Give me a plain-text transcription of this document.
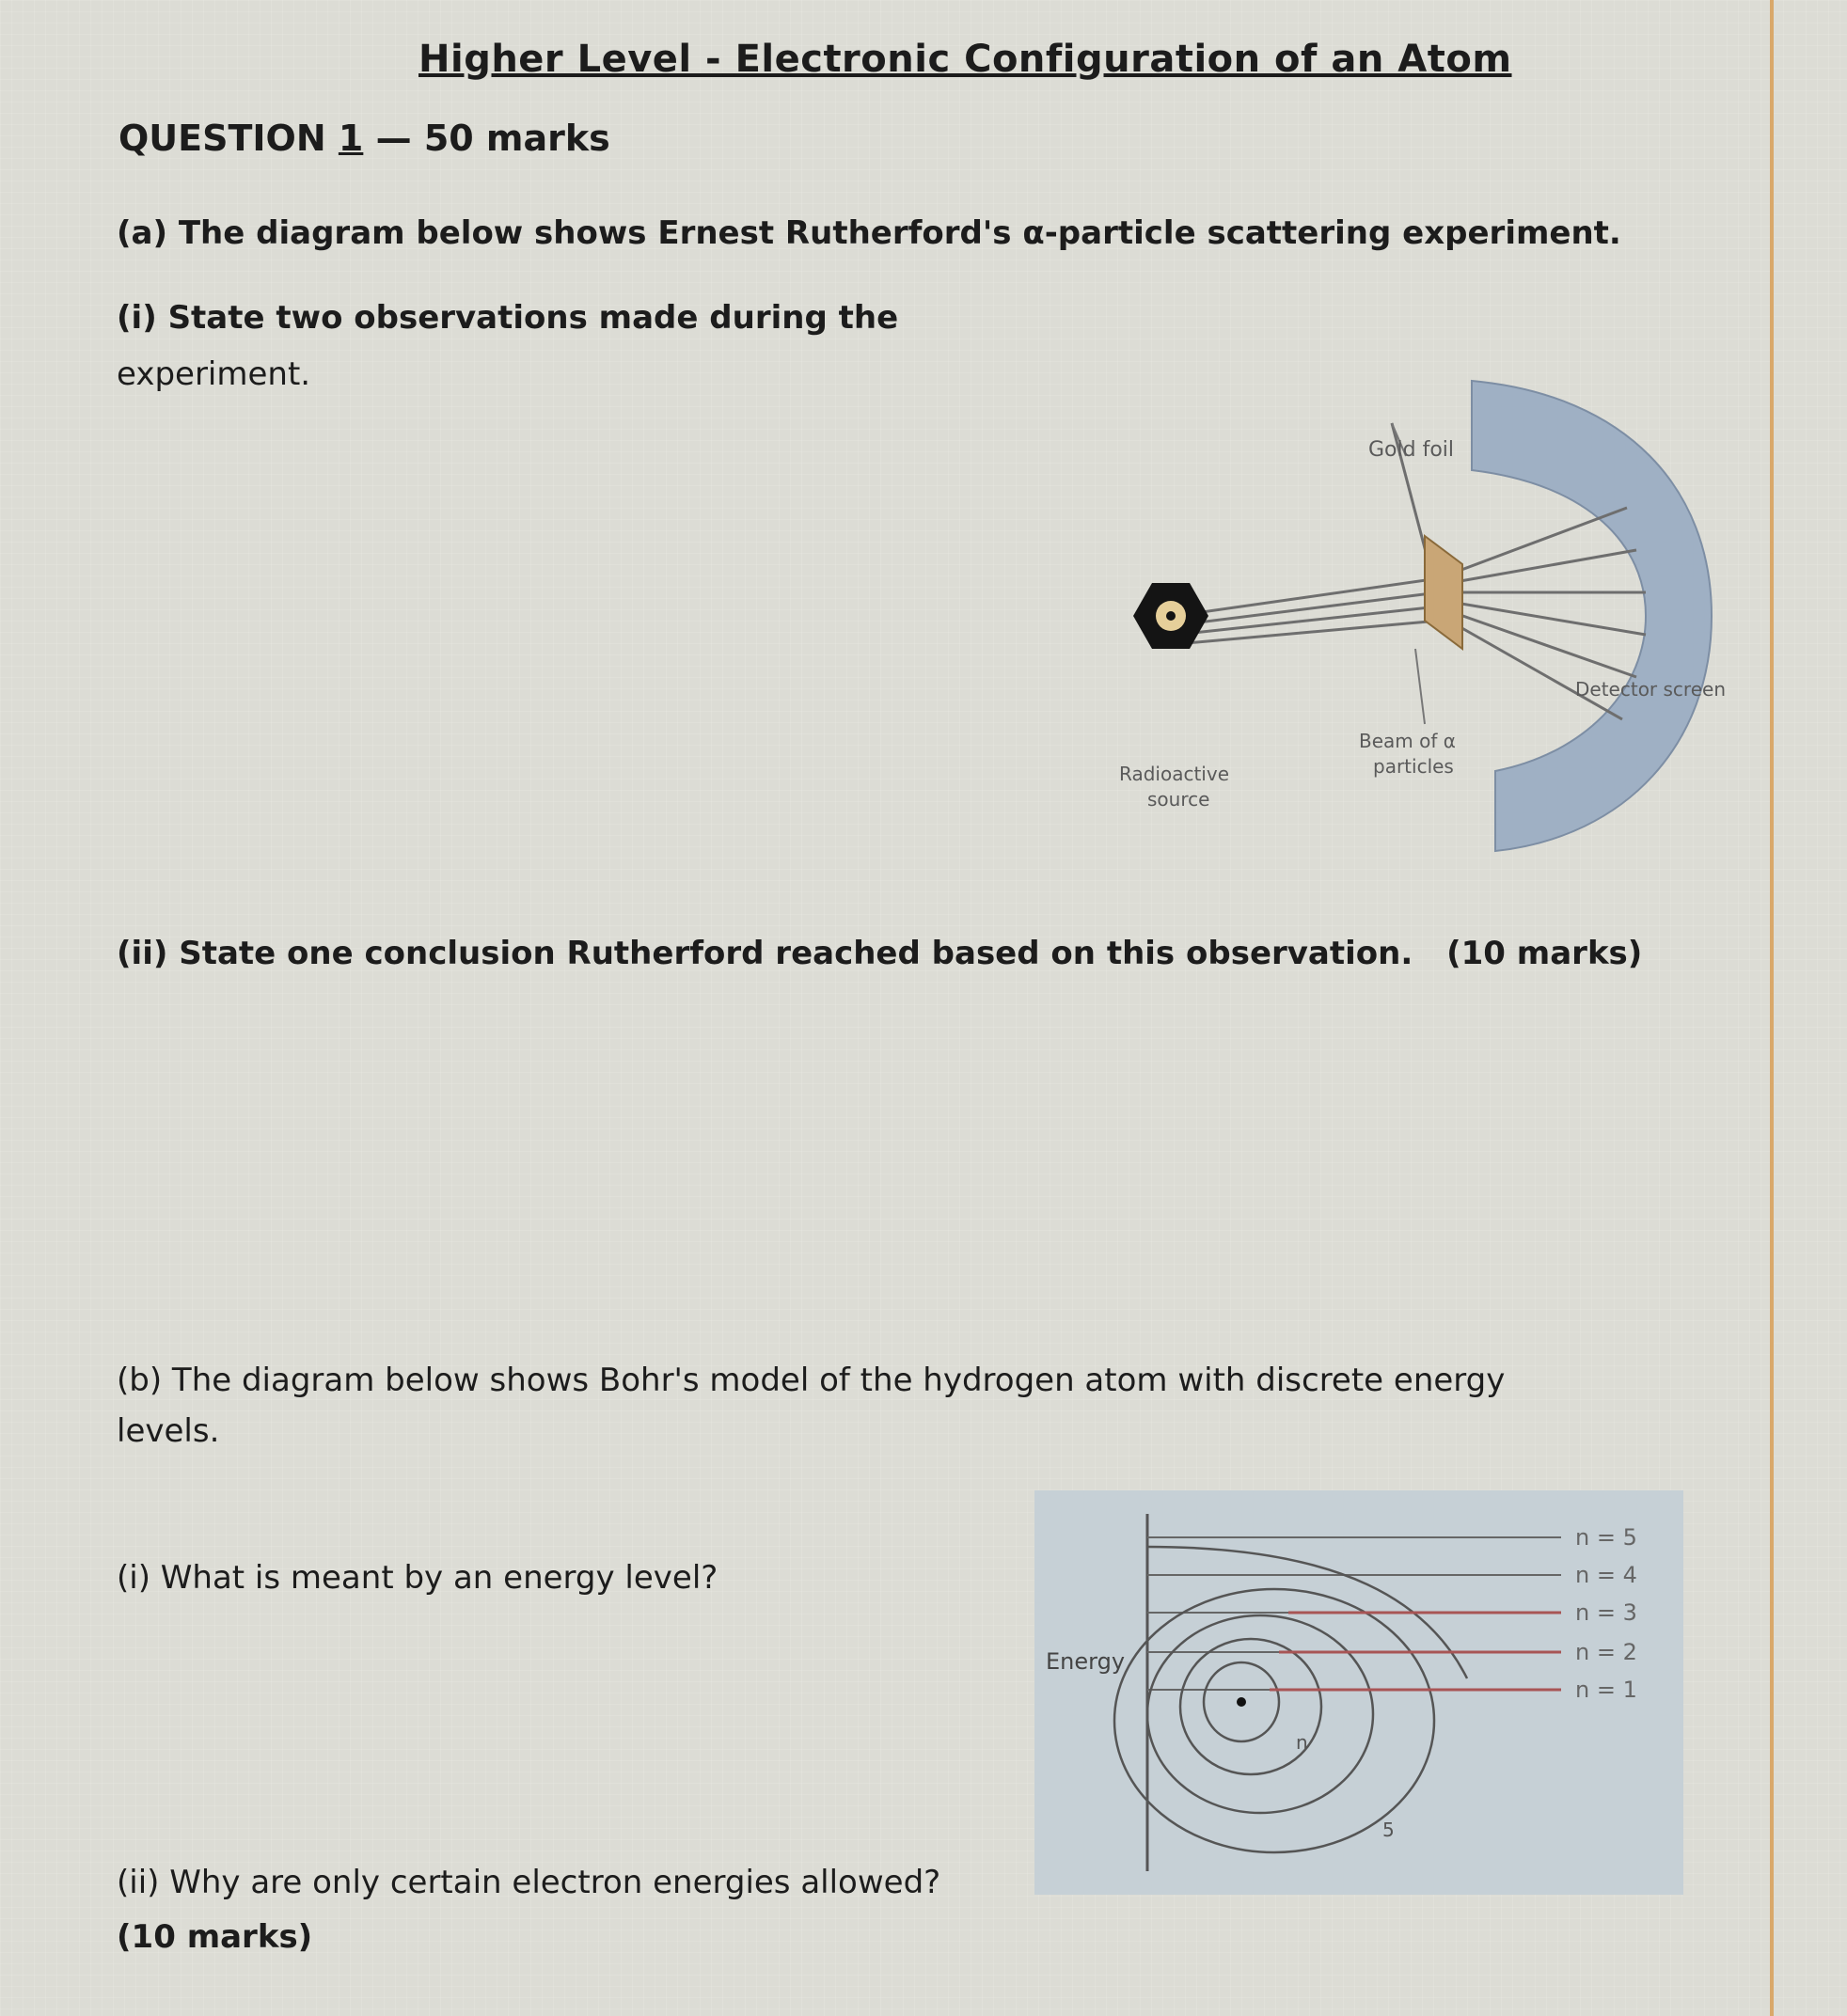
Higher Level - Electronic Configuration of an Atom

QUESTION 1 — 50 marks

(a) The diagram below shows Ernest Rutherford's α-particle scattering experiment.

(i) State two observations made during the

experiment.

Gold foil
Detector screen
Beam of α
particles
Radioactive
source

(ii) State one conclusion Rutherford reached based on this observation. (10 marks)

(b) The diagram below shows Bohr's model of the hydrogen atom with discrete energy

levels.

(i) What is meant by an energy level?

Energy
n = 5
n = 4
n = 3
n = 2
n = 1
n
5

(ii) Why are only certain electron energies allowed?

(10 marks)
